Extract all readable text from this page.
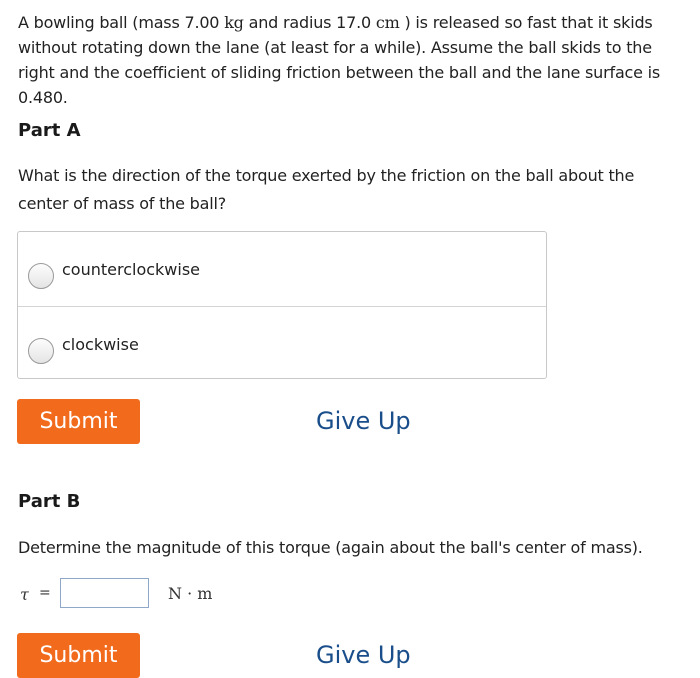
A bowling ball (mass 7.00 kg and radius 17.0 cm ) is released so fast that it skids without rotating down the lane (at least for a while). Assume the ball skids to the right and the coefficient of sliding friction between the ball and the lane surface is 0.480.
Part A
What is the direction of the torque exerted by the friction on the ball about the center of mass of the ball?
counterclockwise
clockwise
Submit	Give Up
Part B
Determine the magnitude of this torque (again about the ball's center of mass).
τ =	N · m
Submit	Give Up
